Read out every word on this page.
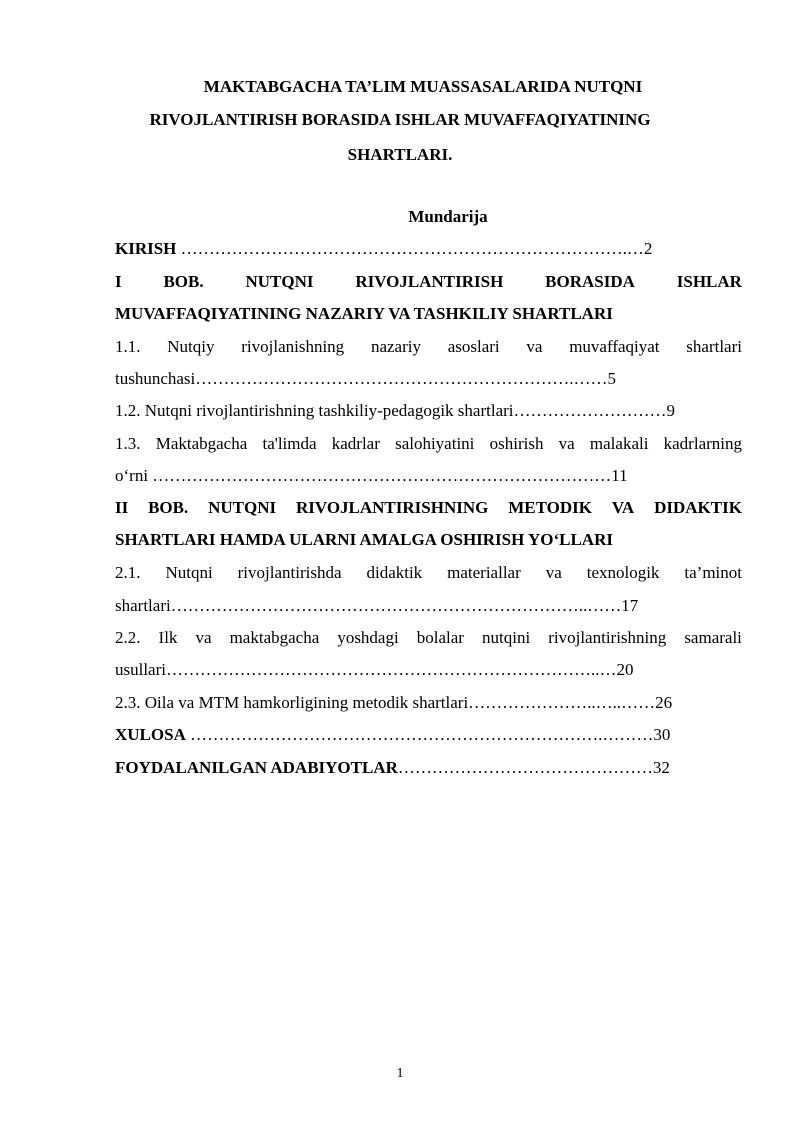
MAKTABGACHA TA’LIM MUASSASALARIDA NUTQNI
RIVOJLANTIRISH BORASIDA ISHLAR MUVAFFAQIYATINING
SHARTLARI.
Mundarija
KIRISH …………………………………………………………………….…2
I BOB. NUTQNI RIVOJLANTIRISH BORASIDA ISHLAR
MUVAFFAQIYATINING NAZARIY VA TASHKILIY SHARTLARI
1.1. Nutqiy rivojlanishning nazariy asoslari va muvaffaqiyat shartlari
tushunchasi………………………………………………………….……5
1.2. Nutqni rivojlantirishning tashkiliy-pedagogik shartlari………………………9
1.3. Maktabgacha ta'limda kadrlar salohiyatini oshirish va malakali kadrlarning
o‘rni ………………………………………………………………………11
II BOB. NUTQNI RIVOJLANTIRISHNING METODIK VA DIDAKTIK
SHARTLARI HAMDA ULARNI AMALGA OSHIRISH YO‘LLARI
2.1. Nutqni rivojlantirishda didaktik materiallar va texnologik ta’minot
shartlari………………………………………………………………..……17
2.2. Ilk va maktabgacha yoshdagi bolalar nutqini rivojlantirishning samarali
usullari…………………………………………………………………..…20
2.3. Oila va MTM hamkorligining metodik shartlari…………………..…..……26
XULOSA ……………………………………………………………….………30
FOYDALANILGAN ADABIYOTLAR………………………………………32
1
